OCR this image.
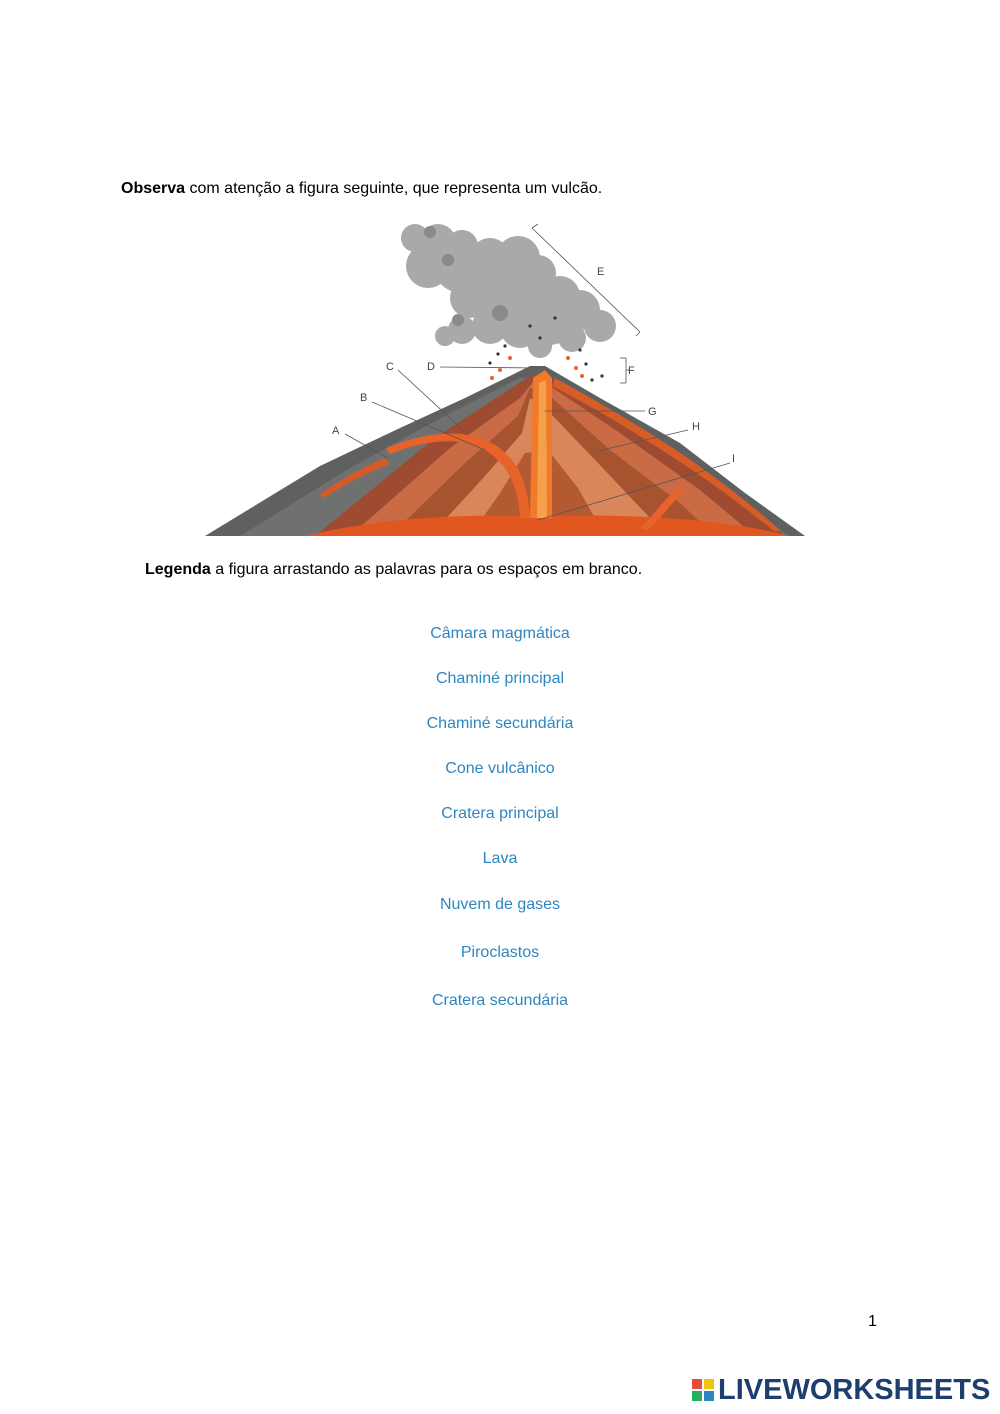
Observa com atenção a figura seguinte, que representa um vulcão.
A
B
C	D
E
F
G
H
I
Legenda a figura arrastando as palavras para os espaços em branco.
Câmara magmática
Chaminé principal
Chaminé secundária
Cone vulcânico
Cratera principal
Lava
Nuvem de gases
Piroclastos
Cratera secundária
1
LIVEWORKSHEETS
